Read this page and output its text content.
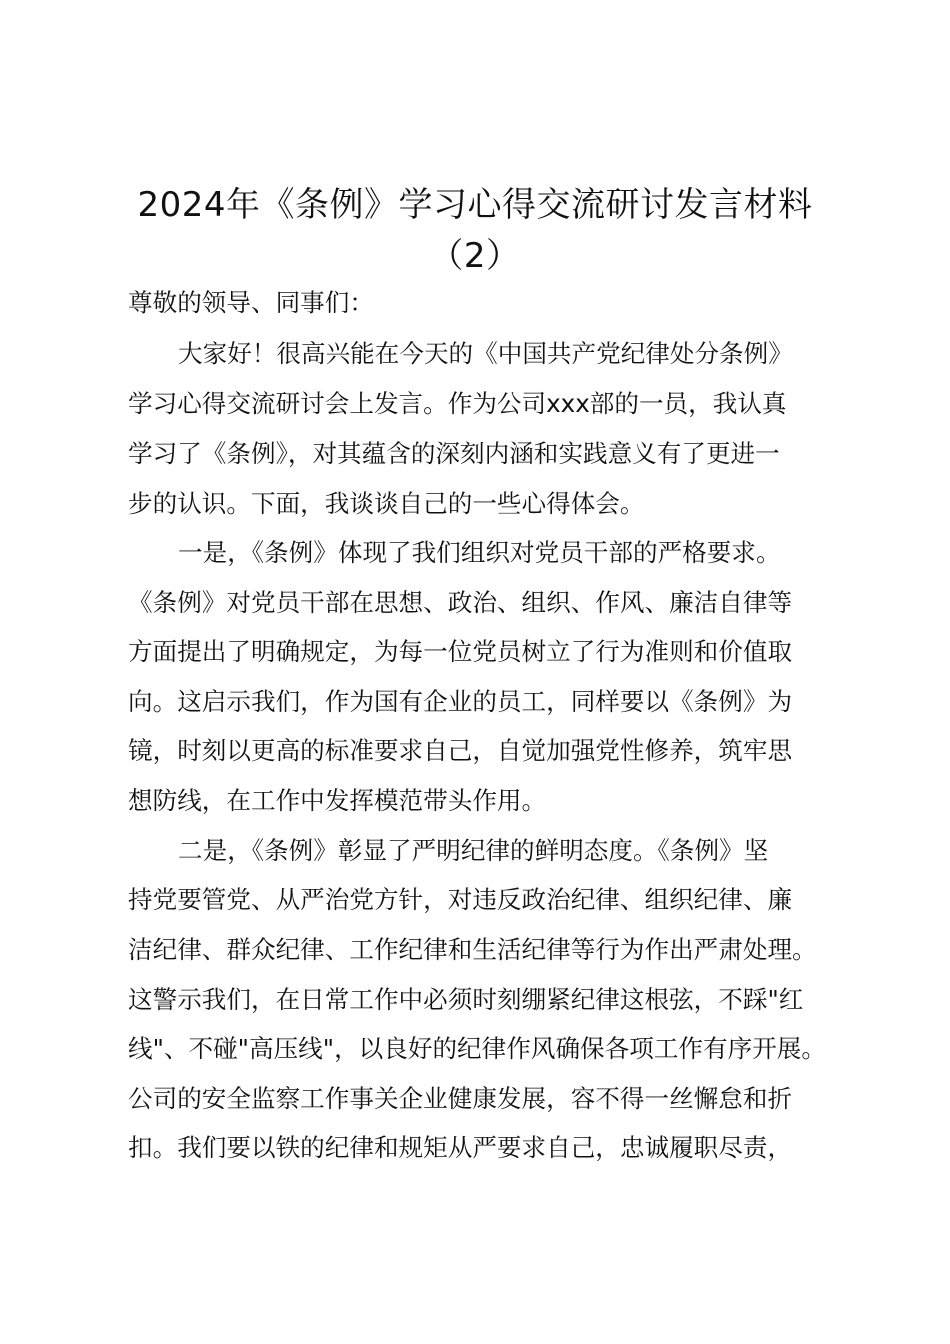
2024年《条例》学习心得交流研讨发言材料
（2）
尊敬的领导、同事们：
大家好！很高兴能在今天的《中国共产党纪律处分条例》
学习心得交流研讨会上发言。作为公司xxx部的一员，我认真
学习了《条例》，对其蕴含的深刻内涵和实践意义有了更进一
步的认识。下面，我谈谈自己的一些心得体会。
一是，《条例》体现了我们组织对党员干部的严格要求。
《条例》对党员干部在思想、政治、组织、作风、廉洁自律等
方面提出了明确规定，为每一位党员树立了行为准则和价值取
向。这启示我们，作为国有企业的员工，同样要以《条例》为
镜，时刻以更高的标准要求自己，自觉加强党性修养，筑牢思
想防线，在工作中发挥模范带头作用。
二是，《条例》彰显了严明纪律的鲜明态度。《条例》坚
持党要管党、从严治党方针，对违反政治纪律、组织纪律、廉
洁纪律、群众纪律、工作纪律和生活纪律等行为作出严肃处理。
这警示我们，在日常工作中必须时刻绷紧纪律这根弦，不踩"红
线"、不碰"高压线"，以良好的纪律作风确保各项工作有序开展。
公司的安全监察工作事关企业健康发展，容不得一丝懈怠和折
扣。我们要以铁的纪律和规矩从严要求自己，忠诚履职尽责，
